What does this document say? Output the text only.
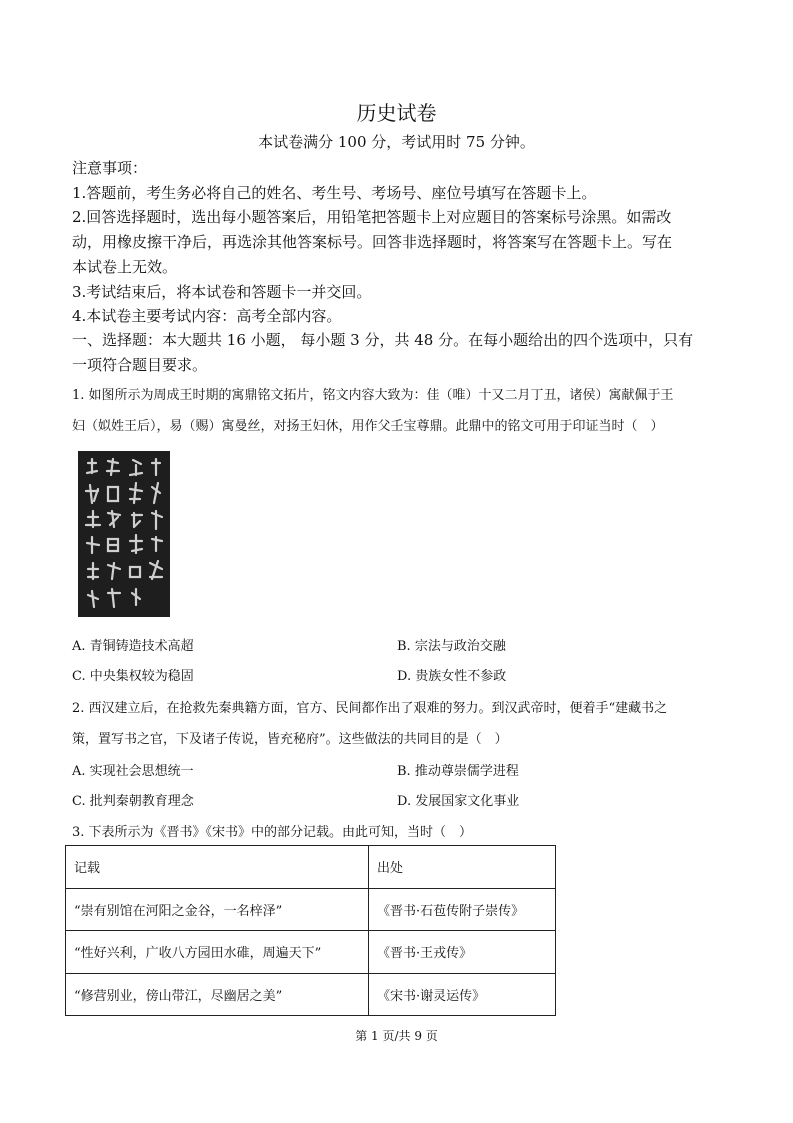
历史试卷
本试卷满分 100 分，考试用时 75 分钟。
注意事项：
1.答题前，考生务必将自己的姓名、考生号、考场号、座位号填写在答题卡上。
2.回答选择题时，选出每小题答案后，用铅笔把答题卡上对应题目的答案标号涂黑。如需改
动，用橡皮擦干净后，再选涂其他答案标号。回答非选择题时，将答案写在答题卡上。写在
本试卷上无效。
3.考试结束后，将本试卷和答题卡一并交回。
4.本试卷主要考试内容：高考全部内容。
一、选择题：本大题共 16 小题， 每小题 3 分，共 48 分。在每小题给出的四个选项中，只有
一项符合题目要求。
1. 如图所示为周成王时期的寓鼎铭文拓片，铭文内容大致为：佳（唯）十又二月丁丑，诸侯）寓献佩于王
妇（姒姓王后），易（赐）寓曼丝，对扬王妇休，用作父壬宝尊鼎。此鼎中的铭文可用于印证当时（　）
A. 青铜铸造技术高超	B. 宗法与政治交融
C. 中央集权较为稳固	D. 贵族女性不参政
2. 西汉建立后，在抢救先秦典籍方面，官方、民间都作出了艰难的努力。到汉武帝时，便着手“建藏书之
策，置写书之官，下及诸子传说，皆充秘府”。这些做法的共同目的是（　）
A. 实现社会思想统一	B. 推动尊崇儒学进程
C. 批判秦朝教育理念	D. 发展国家文化事业
3. 下表所示为《晋书》《宋书》中的部分记载。由此可知，当时（　）
记载	出处
“崇有别馆在河阳之金谷，一名梓泽”	《晋书·石苞传附子崇传》
“性好兴利，广收八方园田水碓，周遍天下”	《晋书·王戎传》
“修营别业，傍山带江，尽幽居之美”	《宋书·谢灵运传》
第 1 页/共 9 页
